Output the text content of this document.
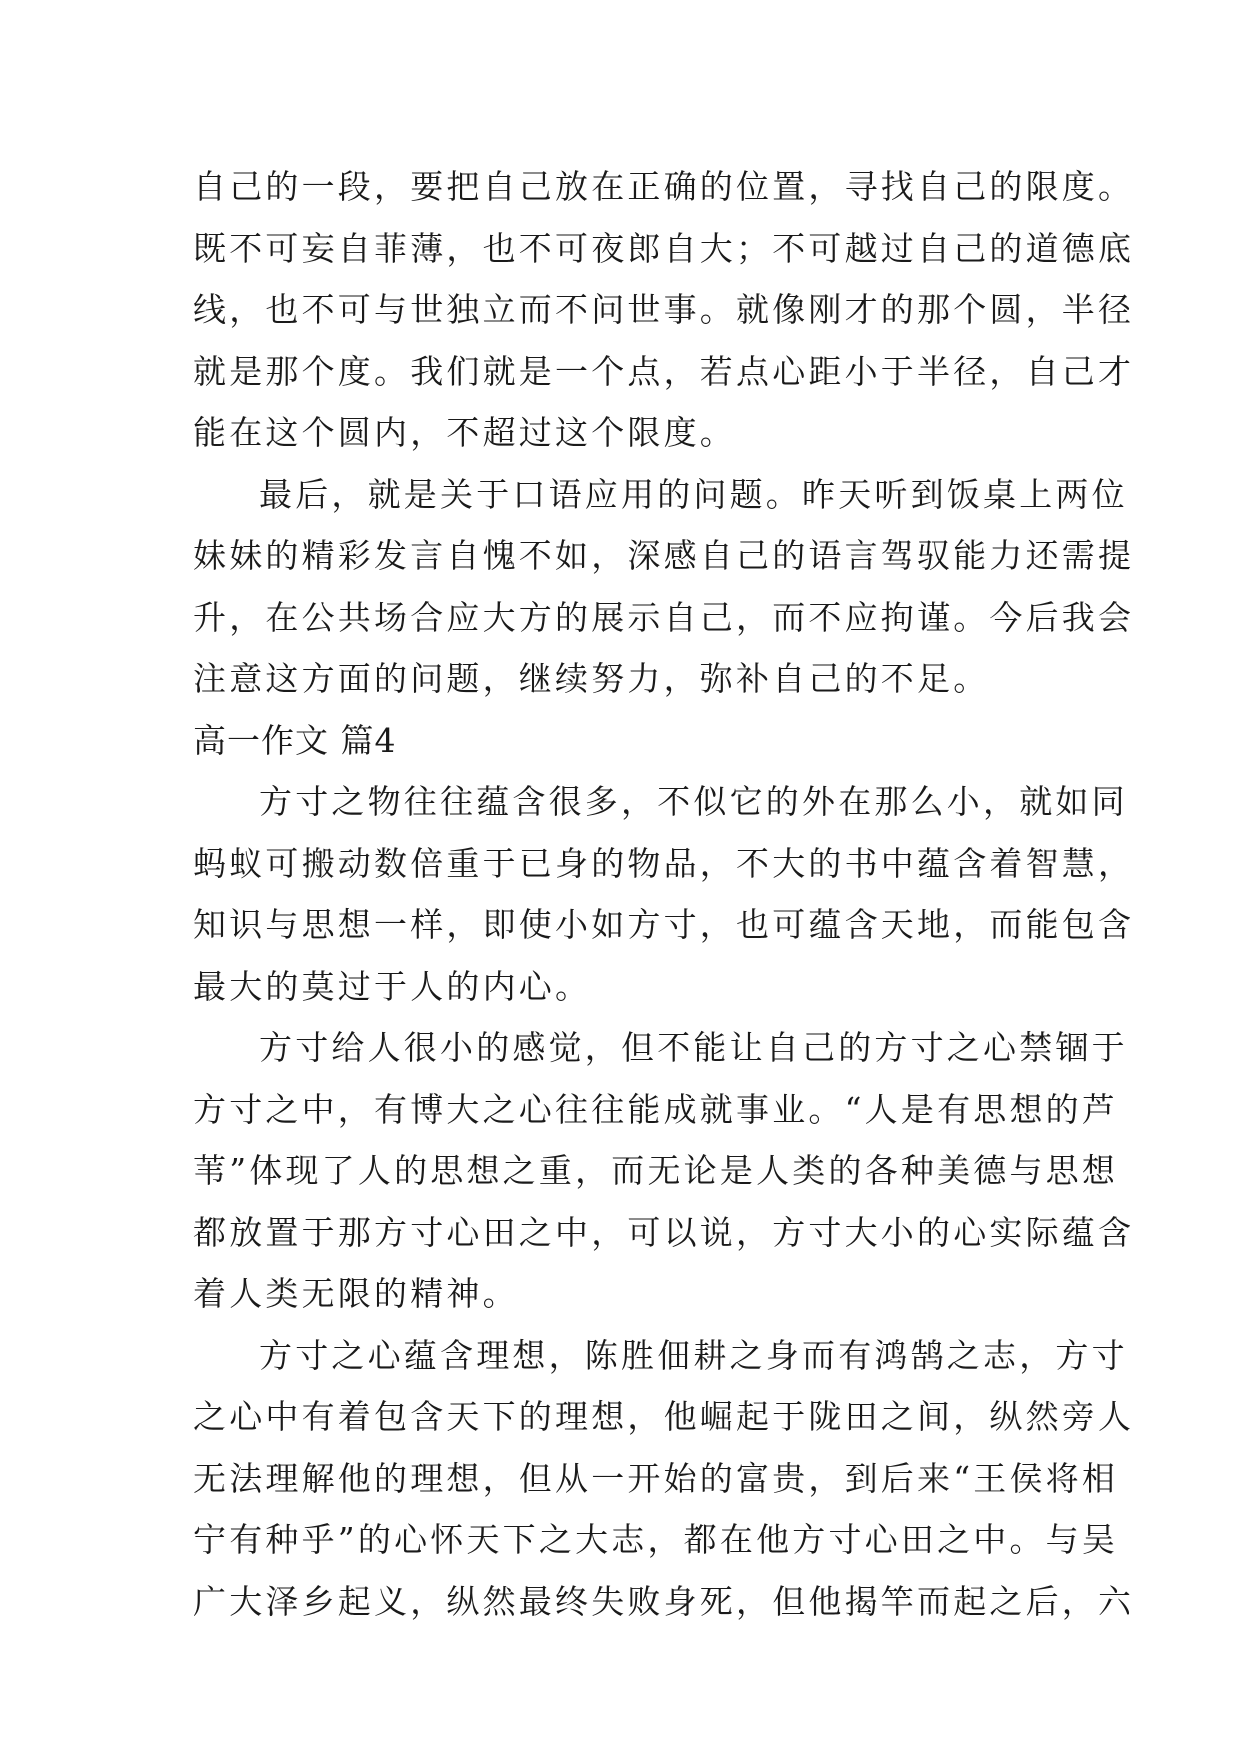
自己的一段，要把自己放在正确的位置，寻找自己的限度。
既不可妄自菲薄，也不可夜郎自大；不可越过自己的道德底
线，也不可与世独立而不问世事。就像刚才的那个圆，半径
就是那个度。我们就是一个点，若点心距小于半径，自己才
能在这个圆内，不超过这个限度。
最后，就是关于口语应用的问题。昨天听到饭桌上两位
妹妹的精彩发言自愧不如，深感自己的语言驾驭能力还需提
升，在公共场合应大方的展示自己，而不应拘谨。今后我会
注意这方面的问题，继续努力，弥补自己的不足。
高一作文 篇4
方寸之物往往蕴含很多，不似它的外在那么小，就如同
蚂蚁可搬动数倍重于已身的物品，不大的书中蕴含着智慧，
知识与思想一样，即使小如方寸，也可蕴含天地，而能包含
最大的莫过于人的内心。
方寸给人很小的感觉，但不能让自己的方寸之心禁锢于
方寸之中，有博大之心往往能成就事业。“人是有思想的芦
苇”体现了人的思想之重，而无论是人类的各种美德与思想
都放置于那方寸心田之中，可以说，方寸大小的心实际蕴含
着人类无限的精神。
方寸之心蕴含理想，陈胜佃耕之身而有鸿鹄之志，方寸
之心中有着包含天下的理想，他崛起于陇田之间，纵然旁人
无法理解他的理想，但从一开始的富贵，到后来“王侯将相
宁有种乎”的心怀天下之大志，都在他方寸心田之中。与吴
广大泽乡起义，纵然最终失败身死，但他揭竿而起之后，六
